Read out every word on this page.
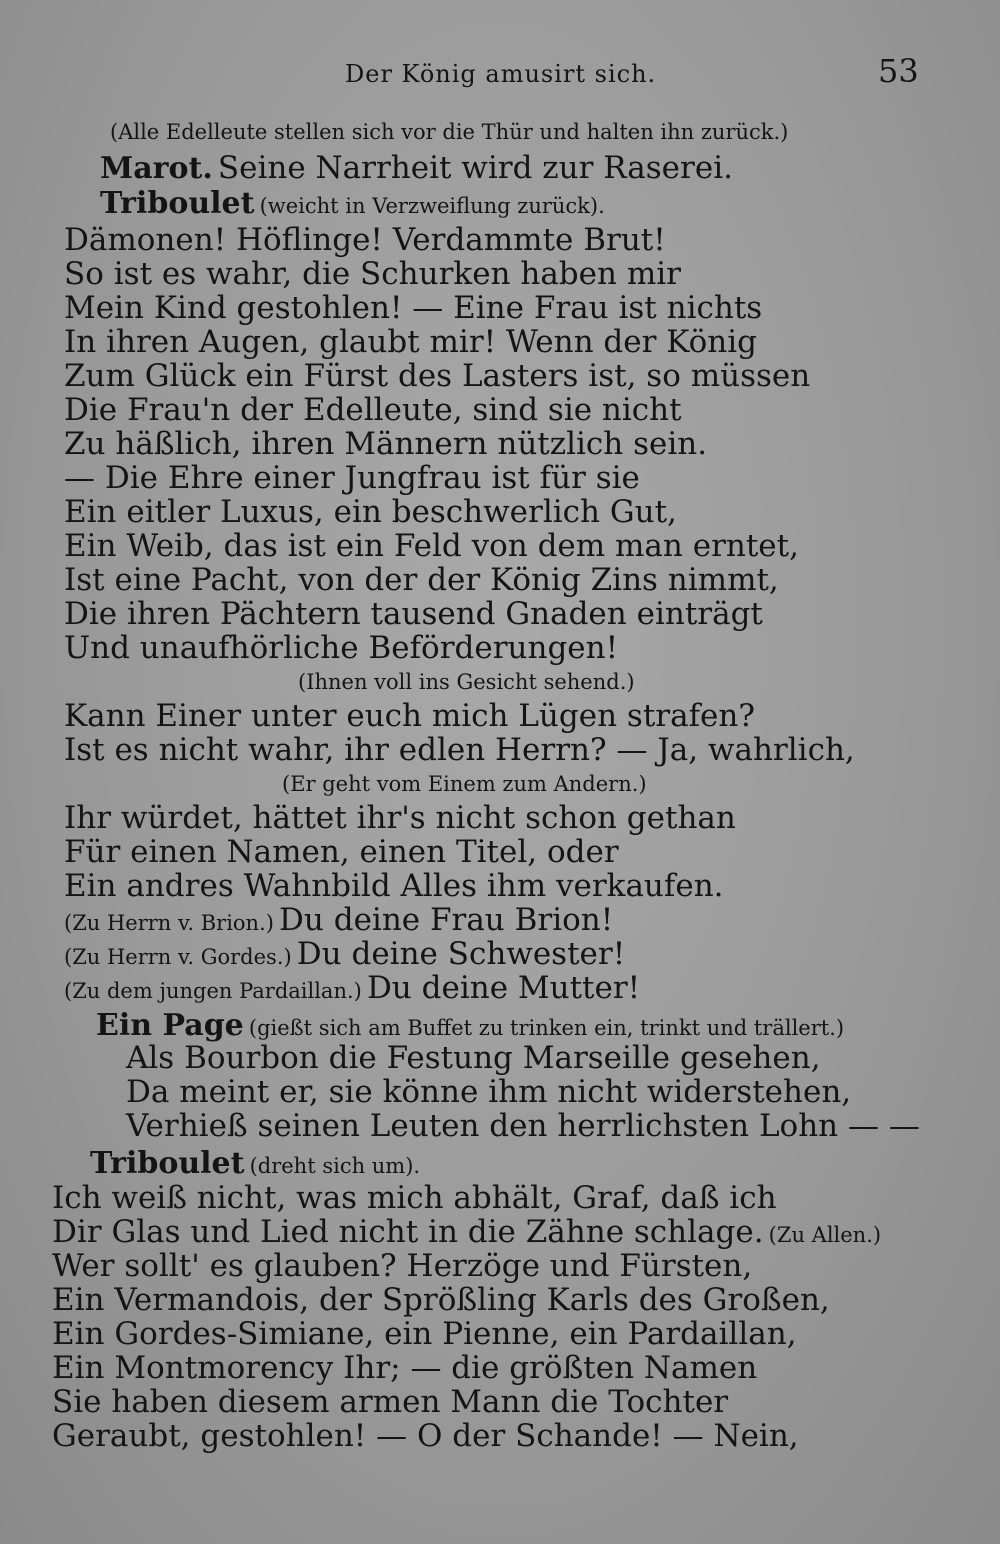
Der König amusirt sich.	53
(Alle Edelleute stellen sich vor die Thür und halten ihn zurück.)
Marot. Seine Narrheit wird zur Raserei.
Triboulet (weicht in Verzweiflung zurück).
Dämonen! Höflinge! Verdammte Brut!
So ist es wahr, die Schurken haben mir
Mein Kind gestohlen! — Eine Frau ist nichts
In ihren Augen, glaubt mir! Wenn der König
Zum Glück ein Fürst des Lasters ist, so müssen
Die Frau'n der Edelleute, sind sie nicht
Zu häßlich, ihren Männern nützlich sein.
— Die Ehre einer Jungfrau ist für sie
Ein eitler Luxus, ein beschwerlich Gut,
Ein Weib, das ist ein Feld von dem man erntet,
Ist eine Pacht, von der der König Zins nimmt,
Die ihren Pächtern tausend Gnaden einträgt
Und unaufhörliche Beförderungen!
(Ihnen voll ins Gesicht sehend.)
Kann Einer unter euch mich Lügen strafen?
Ist es nicht wahr, ihr edlen Herrn? — Ja, wahrlich,
(Er geht vom Einem zum Andern.)
Ihr würdet, hättet ihr's nicht schon gethan
Für einen Namen, einen Titel, oder
Ein andres Wahnbild Alles ihm verkaufen.
(Zu Herrn v. Brion.) Du deine Frau Brion!
(Zu Herrn v. Gordes.) Du deine Schwester!
(Zu dem jungen Pardaillan.) Du deine Mutter!
Ein Page (gießt sich am Buffet zu trinken ein, trinkt und trällert.)
Als Bourbon die Festung Marseille gesehen,
Da meint er, sie könne ihm nicht widerstehen,
Verhieß seinen Leuten den herrlichsten Lohn — —
Triboulet (dreht sich um).
Ich weiß nicht, was mich abhält, Graf, daß ich
Dir Glas und Lied nicht in die Zähne schlage. (Zu Allen.)
Wer sollt' es glauben? Herzöge und Fürsten,
Ein Vermandois, der Sprößling Karls des Großen,
Ein Gordes-Simiane, ein Pienne, ein Pardaillan,
Ein Montmorency Ihr; — die größten Namen
Sie haben diesem armen Mann die Tochter
Geraubt, gestohlen! — O der Schande! — Nein,
